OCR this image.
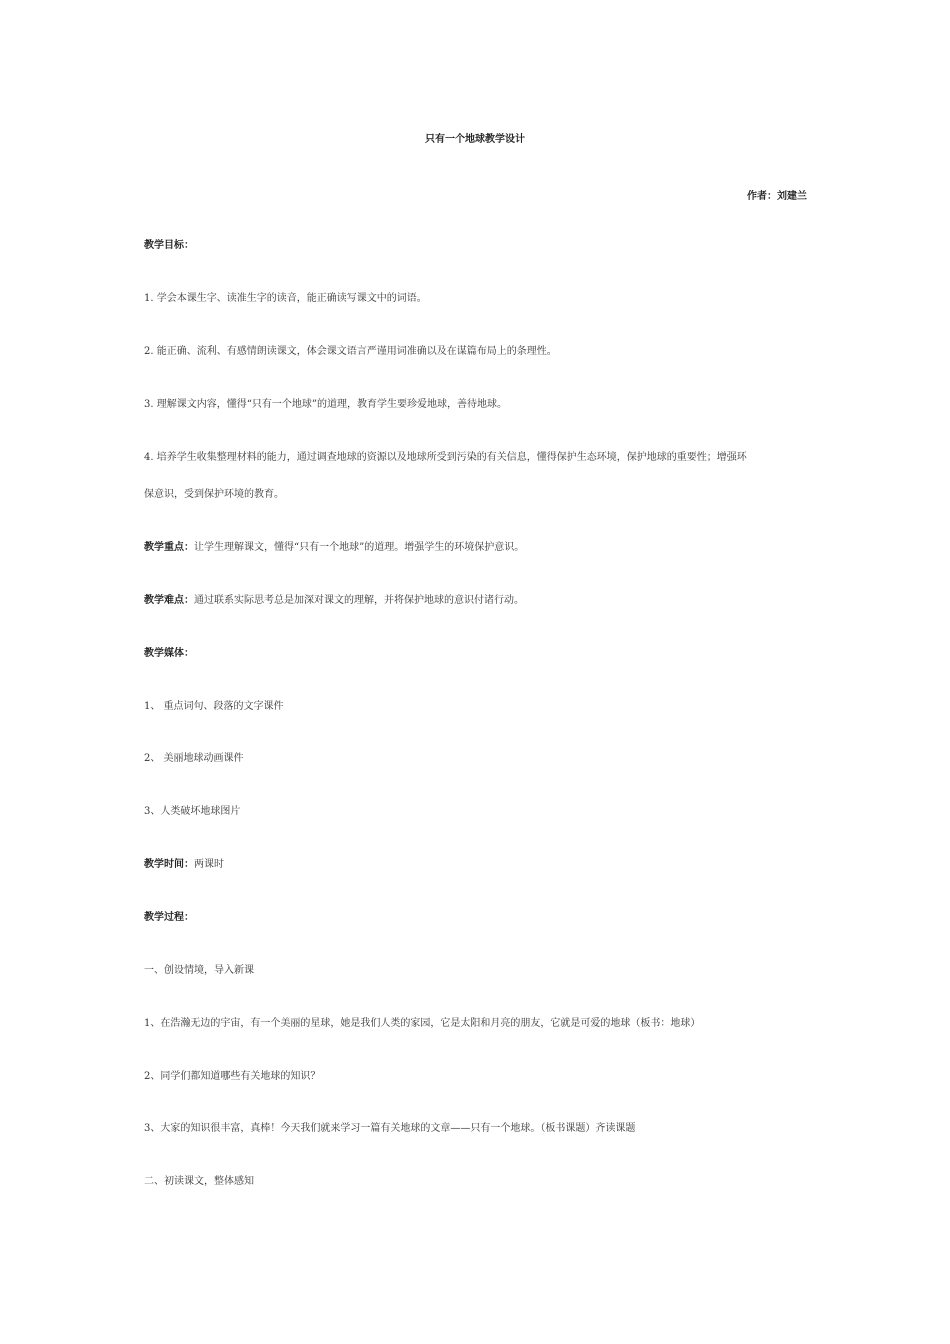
只有一个地球教学设计
作者：刘建兰
教学目标：
1. 学会本课生字、读准生字的读音，能正确读写课文中的词语。
2. 能正确、流利、有感情朗读课文，体会课文语言严谨用词准确以及在谋篇布局上的条理性。
3. 理解课文内容，懂得“只有一个地球”的道理，教育学生要珍爱地球，善待地球。
4. 培养学生收集整理材料的能力，通过调查地球的资源以及地球所受到污染的有关信息，懂得保护生态环境，保护地球的重要性；增强环
保意识，受到保护环境的教育。
教学重点：让学生理解课文，懂得“只有一个地球”的道理。增强学生的环境保护意识。
教学难点：通过联系实际思考总是加深对课文的理解，并将保护地球的意识付诸行动。
教学媒体：
1、 重点词句、段落的文字课件
2、 美丽地球动画课件
3、人类破坏地球图片
教学时间：两课时
教学过程：
一、创设情境，导入新课
1、在浩瀚无边的宇宙，有一个美丽的星球，她是我们人类的家园，它是太阳和月亮的朋友，它就是可爱的地球（板书：地球）
2、同学们都知道哪些有关地球的知识？
3、大家的知识很丰富，真棒！今天我们就来学习一篇有关地球的文章——只有一个地球。（板书课题）齐读课题
二、初读课文，整体感知
